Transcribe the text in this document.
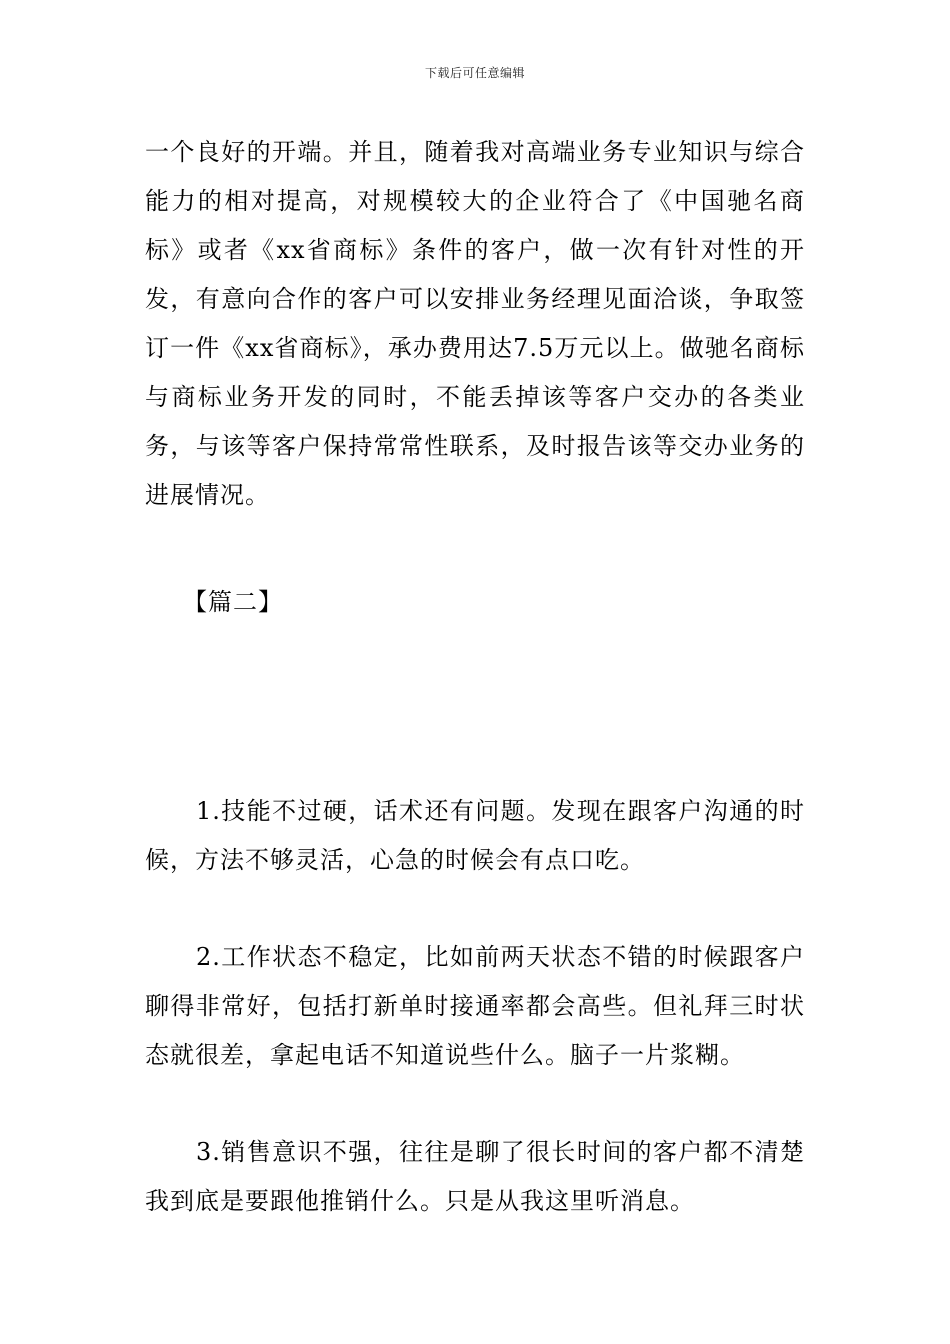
下载后可任意编辑

一个良好的开端。并且，随着我对高端业务专业知识与综合能力的相对提高，对规模较大的企业符合了《中国驰名商标》或者《xx省商标》条件的客户，做一次有针对性的开发，有意向合作的客户可以安排业务经理见面洽谈，争取签订一件《xx省商标》，承办费用达7.5万元以上。做驰名商标与商标业务开发的同时，不能丢掉该等客户交办的各类业务，与该等客户保持常常性联系，及时报告该等交办业务的进展情况。

【篇二】

1.技能不过硬，话术还有问题。发现在跟客户沟通的时候，方法不够灵活，心急的时候会有点口吃。

2.工作状态不稳定，比如前两天状态不错的时候跟客户聊得非常好，包括打新单时接通率都会高些。但礼拜三时状态就很差，拿起电话不知道说些什么。脑子一片浆糊。

3.销售意识不强，往往是聊了很长时间的客户都不清楚我到底是要跟他推销什么。只是从我这里听消息。
